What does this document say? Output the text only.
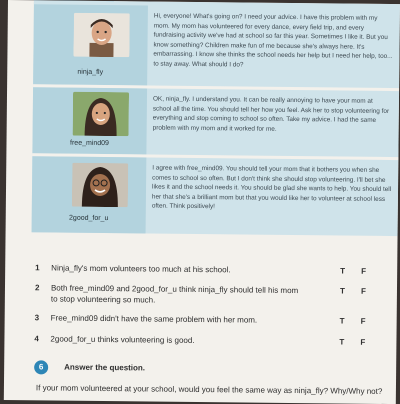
ninja_fly
Hi, everyone! What's going on? I need your advice. I have this problem with my mom. My mom has volunteered for every dance, every field trip, and every fundraising activity we've had at school so far this year. Sometimes I like it. But you know something? Children make fun of me because she's always here. It's embarrassing. I know she thinks the school needs her help but I need her help, too... to stay away. What should I do?
free_mind09
OK, ninja_fly. I understand you. It can be really annoying to have your mom at school all the time. You should tell her how you feel. Ask her to stop volunteering for everything and stop coming to school so often. Take my advice. I had the same problem with my mom and it worked for me.
2good_for_u
I agree with free_mind09. You should tell your mom that it bothers you when she comes to school so often. But I don't think she should stop volunteering. I'll bet she likes it and the school needs it. You should be glad she wants to help. You should tell her that she's a brilliant mom but that you would like her to volunteer at school less often. Think positively!
1 Ninja_fly's mom volunteers too much at his school.	T F
2 Both free_mind09 and 2good_for_u think ninja_fly should tell his mom to stop volunteering so much.
T F
3 Free_mind09 didn't have the same problem with her mom.	T F
4 2good_for_u thinks volunteering is good.	T F
6	Answer the question.
If your mom volunteered at your school, would you feel the same way as ninja_fly? Why/Why not?
